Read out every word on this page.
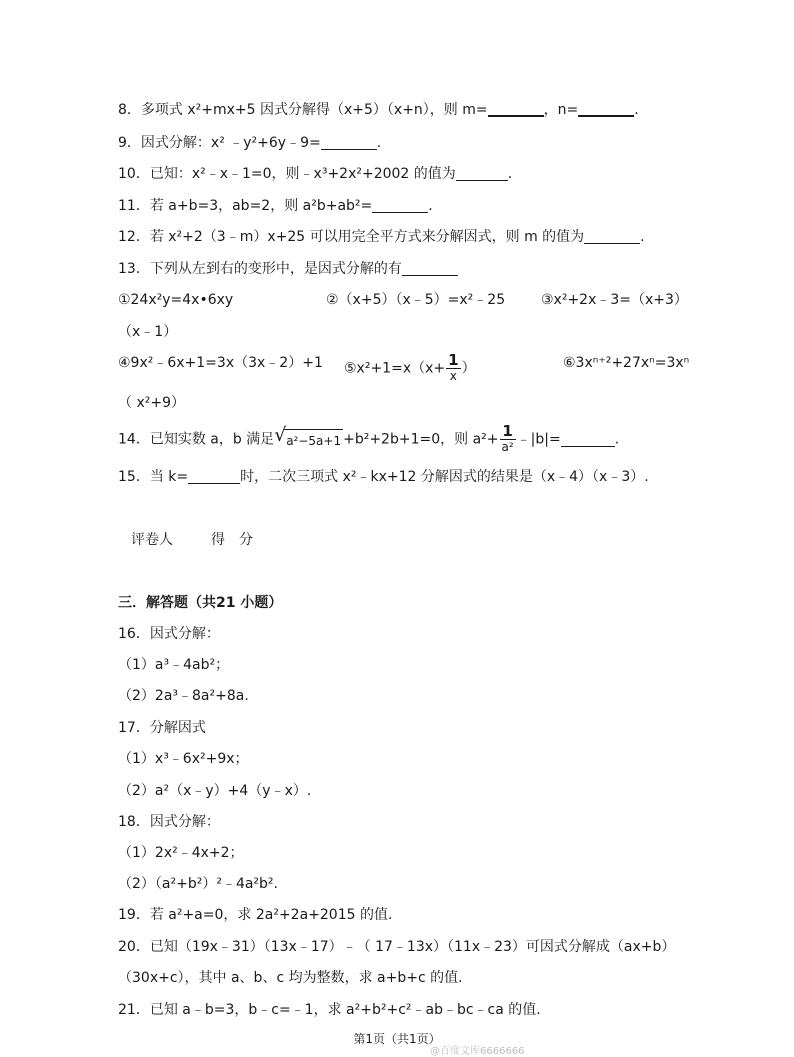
8．多项式 x²+mx+5 因式分解得（x+5）（x+n），则 m=	，n=	.
9．因式分解：x² ﹣y²+6y﹣9=	.
10．已知：x²﹣x﹣1=0，则﹣x³+2x²+2002 的值为	.
11．若 a+b=3，ab=2，则 a²b+ab²=	.
12．若 x²+2（3﹣m）x+25 可以用完全平方式来分解因式，则 m 的值为	.
13．下列从左到右的变形中，是因式分解的有
①24x²y=4x•6xy	②（x+5）（x﹣5）=x²﹣25	③x²+2x﹣3=（x+3）
（x﹣1）
④9x²﹣6x+1=3x（3x﹣2）+1 ⑤x²+1=x（x+ $\frac{1}{x}$ ）	⑥3xⁿ⁺²+27xⁿ=3xⁿ
（ x²+9）
14．已知实数 a，b 满足 √ a²−5a+1 +b²+2b+1=0，则 $a^2+ \frac{1}{\text{a²}}$ ﹣|b|=	.
15．当 k=	时，二次三项式 x²﹣kx+12 分解因式的结果是（x﹣4）（x﹣3）.
评卷人	得　分
三．解答题（共21 小题）
16．因式分解：
（1）a³﹣4ab²；
（2）2a³﹣8a²+8a.
17．分解因式
（1）x³﹣6x²+9x；
（2）a²（x﹣y）+4（y﹣x）.
18．因式分解：
（1）2x²﹣4x+2；
（2）（a²+b²）²﹣4a²b².
19．若 a²+a=0，求 2a²+2a+2015 的值.
20．已知（19x﹣31）（13x﹣17）﹣（ 17﹣13x）（11x﹣23）可因式分解成（ax+b）
（30x+c），其中 a、b、c 均为整数，求 a+b+c 的值.
21．已知 a﹣b=3，b﹣c=﹣1，求 a²+b²+c²﹣ab﹣bc﹣ca 的值.
第1页（共1页）
@百度文库6666666
